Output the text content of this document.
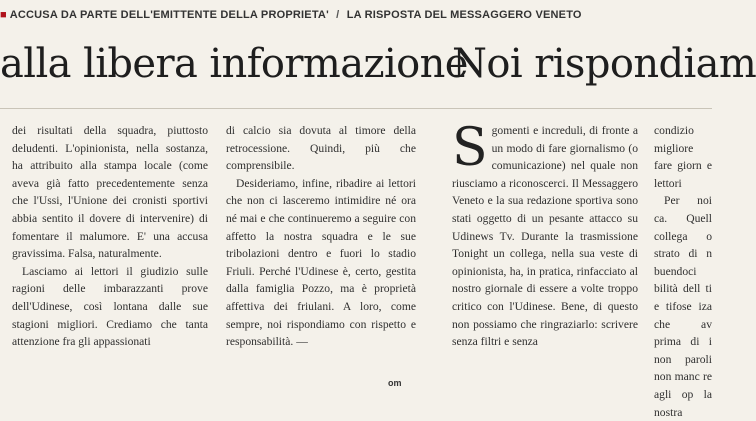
■ ACCUSA DA PARTE DELL'EMITTENTE DELLA PROPRIETA' / LA RISPOSTA DEL MESSAGGERO VENETO
alla libera informazione
Noi rispondiam

dei risultati della squadra, piuttosto deludenti. L'opinionista, nella sostanza, ha attribuito alla stampa locale (come aveva già fatto precedentemente senza che l'Ussi, l'Unione dei cronisti sportivi abbia sentito il dovere di intervenire) di fomentare il malumore. E' una accusa gravissima. Falsa, naturalmente.

Lasciamo ai lettori il giudizio sulle ragioni delle imbarazzanti prove dell'Udinese, così lontana dalle sue stagioni migliori. Crediamo che tanta attenzione fra gli appassionati

di calcio sia dovuta al timore della retrocessione. Quindi, più che comprensibile.

Desideriamo, infine, ribadire ai lettori che non ci lasceremo intimidire né ora né mai e che continueremo a seguire con affetto la nostra squadra e le sue tribolazioni dentro e fuori lo stadio Friuli. Perché l'Udinese è, certo, gestita dalla famiglia Pozzo, ma è proprietà affettiva dei friulani. A loro, come sempre, noi rispondiamo con rispetto e responsabilità. —

S gomenti e increduli, di fronte a un modo di fare giornalismo (o comunicazione) nel quale non riusciamo a riconoscerci. Il Messaggero Veneto e la sua redazione sportiva sono stati oggetto di un pesante attacco su Udinews Tv. Durante la trasmissione Tonight un collega, nella sua veste di opinionista, ha, in pratica, rinfacciato al nostro giornale di essere a volte troppo critico con l'Udinese. Bene, di questo non possiamo che ringraziarlo: scrivere senza filtri e senza

condizio migliore fare giorn e lettori

Per noi ca. Quell collega o strato di n buendoci bilità dell ti e tifose iza che av prima di i non paroli non manc re agli op la nostra

om
